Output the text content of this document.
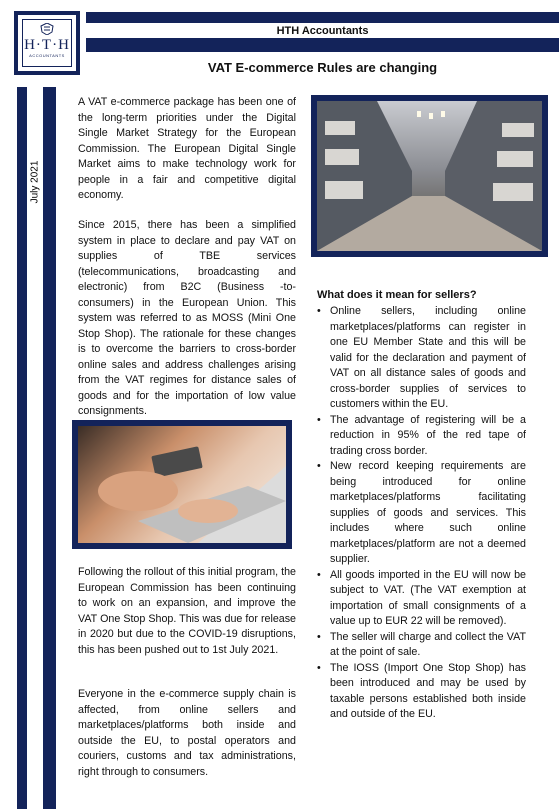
HTH Accountants
H·T·H
ACCOUNTANTS
VAT E-commerce Rules are changing
July 2021

A VAT e-commerce package has been one of the long-term priorities under the Digital Single Market Strategy for the European Commission. The European Digital Single Market aims to make technology work for people in a fair and competitive digital economy.

Since 2015, there has been a simplified system in place to declare and pay VAT on supplies of TBE services (telecommunications, broadcasting and electronic) from B2C (Business -to-consumers) in the European Union. This system was referred to as MOSS (Mini One Stop Shop). The rationale for these changes is to overcome the barriers to cross-border online sales and address challenges arising from the VAT regimes for distance sales of goods and for the importation of low value consignments.

What does it mean for sellers?
• Online sellers, including online marketplaces/platforms can register in one EU Member State and this will be valid for the declaration and payment of VAT on all distance sales of goods and cross-border supplies of services to customers within the EU.
• The advantage of registering will be a reduction in 95% of the red tape of trading cross border.
• New record keeping requirements are being introduced for online marketplaces/platforms facilitating supplies of goods and services. This includes where such online marketplaces/platform are not a deemed supplier.
• All goods imported in the EU will now be subject to VAT. (The VAT exemption at importation of small consignments of a value up to EUR 22 will be removed).
• The seller will charge and collect the VAT at the point of sale.
• The IOSS (Import One Stop Shop) has been introduced and may be used by taxable persons established both inside and outside of the EU.

Following the rollout of this initial program, the European Commission has been continuing to work on an expansion, and improve the VAT One Stop Shop. This was due for release in 2020 but due to the COVID-19 disruptions, this has been pushed out to 1st July 2021.

Everyone in the e-commerce supply chain is affected, from online sellers and marketplaces/platforms both inside and outside the EU, to postal operators and couriers, customs and tax administrations, right through to consumers.
